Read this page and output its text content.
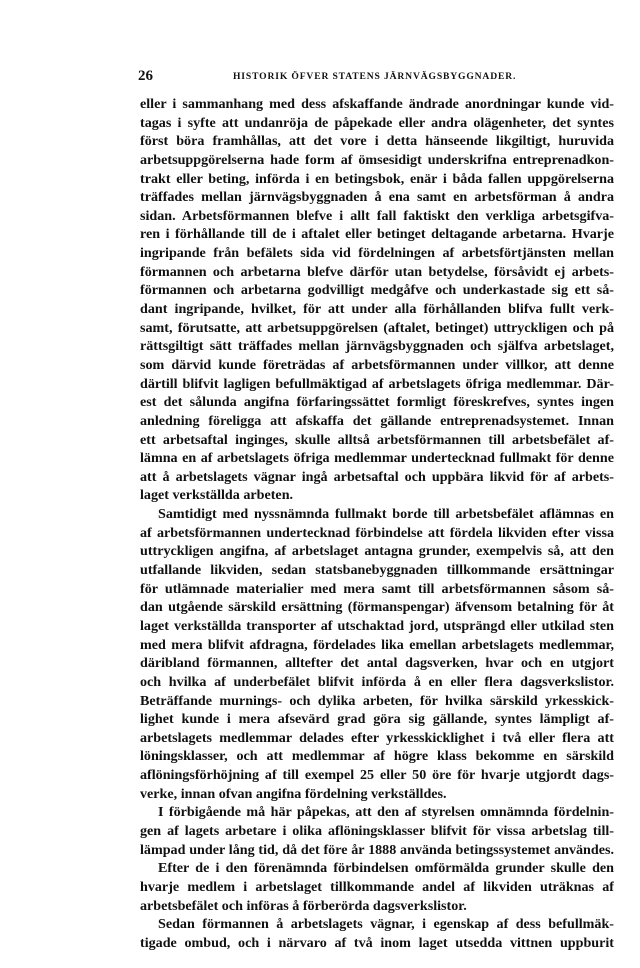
26	HISTORIK ÖFVER STATENS JÄRNVÄGSBYGGNADER.
eller i sammanhang med dess afskaffande ändrade anordningar kunde vid-
tagas i syfte att undanröja de påpekade eller andra olägenheter, det syntes
först böra framhållas, att det vore i detta hänseende likgiltigt, huruvida
arbetsuppgörelserna hade form af ömsesidigt underskrifna entreprenadkon-
trakt eller beting, införda i en betingsbok, enär i båda fallen uppgörelserna
träffades mellan järnvägsbyggnaden å ena samt en arbetsförman å andra
sidan. Arbetsförmannen blefve i allt fall faktiskt den verkliga arbetsgifva-
ren i förhållande till de i aftalet eller betinget deltagande arbetarna. Hvarje
ingripande från befälets sida vid fördelningen af arbetsförtjänsten mellan
förmannen och arbetarna blefve därför utan betydelse, försåvidt ej arbets-
förmannen och arbetarna godvilligt medgåfve och underkastade sig ett så-
dant ingripande, hvilket, för att under alla förhållanden blifva fullt verk-
samt, förutsatte, att arbetsuppgörelsen (aftalet, betinget) uttryckligen och på
rättsgiltigt sätt träffades mellan järnvägsbyggnaden och själfva arbetslaget,
som därvid kunde företrädas af arbetsförmannen under villkor, att denne
därtill blifvit lagligen befullmäktigad af arbetslagets öfriga medlemmar. Där-
est det sålunda angifna förfaringssättet formligt föreskrefves, syntes ingen
anledning föreligga att afskaffa det gällande entreprenadsystemet. Innan
ett arbetsaftal inginges, skulle alltså arbetsförmannen till arbetsbefälet af-
lämna en af arbetslagets öfriga medlemmar undertecknad fullmakt för denne
att å arbetslagets vägnar ingå arbetsaftal och uppbära likvid för af arbets-
laget verkställda arbeten.
Samtidigt med nyssnämnda fullmakt borde till arbetsbefälet aflämnas en
af arbetsförmannen undertecknad förbindelse att fördela likviden efter vissa
uttryckligen angifna, af arbetslaget antagna grunder, exempelvis så, att den
utfallande likviden, sedan statsbanebyggnaden tillkommande ersättningar
för utlämnade materialier med mera samt till arbetsförmannen såsom så-
dan utgående särskild ersättning (förmanspengar) äfvensom betalning för åt
laget verkställda transporter af utschaktad jord, utsprängd eller utkilad sten
med mera blifvit afdragna, fördelades lika emellan arbetslagets medlemmar,
däribland förmannen, alltefter det antal dagsverken, hvar och en utgjort
och hvilka af underbefälet blifvit införda å en eller flera dagsverkslistor.
Beträffande murnings- och dylika arbeten, för hvilka särskild yrkesskick-
lighet kunde i mera afsevärd grad göra sig gällande, syntes lämpligt af-
arbetslagets medlemmar delades efter yrkesskicklighet i två eller flera att
löningsklasser, och att medlemmar af högre klass bekomme en särskild
aflöningsförhöjning af till exempel 25 eller 50 öre för hvarje utgjordt dags-
verke, innan ofvan angifna fördelning verkställdes.
I förbigående må här påpekas, att den af styrelsen omnämnda fördelnin-
gen af lagets arbetare i olika aflöningsklasser blifvit för vissa arbetslag till-
lämpad under lång tid, då det före år 1888 använda betingssystemet användes.
Efter de i den förenämnda förbindelsen omförmälda grunder skulle den
hvarje medlem i arbetslaget tillkommande andel af likviden uträknas af
arbetsbefälet och införas å förberörda dagsverkslistor.
Sedan förmannen å arbetslagets vägnar, i egenskap af dess befullmäk-
tigade ombud, och i närvaro af två inom laget utsedda vittnen uppburit
